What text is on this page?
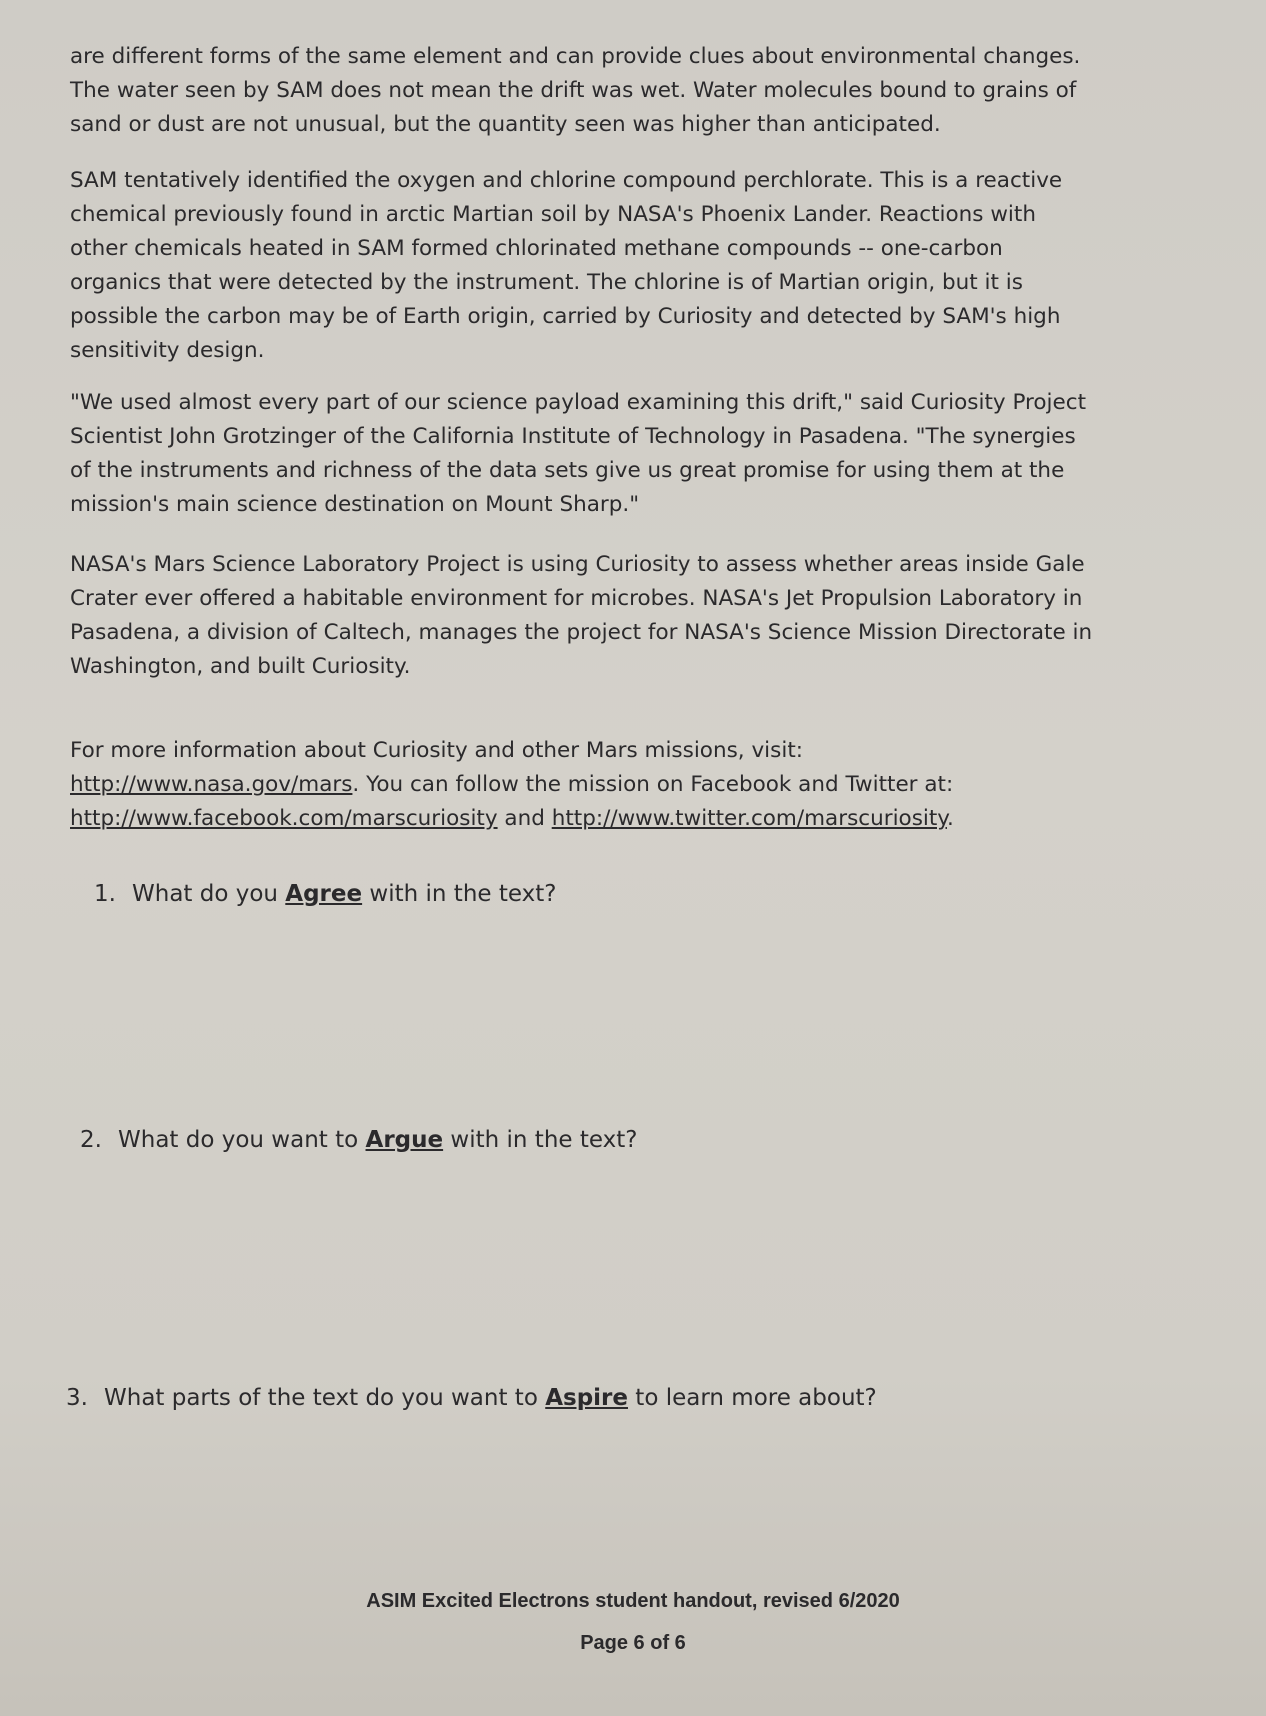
are different forms of the same element and can provide clues about environmental changes.
The water seen by SAM does not mean the drift was wet. Water molecules bound to grains of
sand or dust are not unusual, but the quantity seen was higher than anticipated.

SAM tentatively identified the oxygen and chlorine compound perchlorate. This is a reactive
chemical previously found in arctic Martian soil by NASA's Phoenix Lander. Reactions with
other chemicals heated in SAM formed chlorinated methane compounds -- one-carbon
organics that were detected by the instrument. The chlorine is of Martian origin, but it is
possible the carbon may be of Earth origin, carried by Curiosity and detected by SAM's high
sensitivity design.

"We used almost every part of our science payload examining this drift," said Curiosity Project
Scientist John Grotzinger of the California Institute of Technology in Pasadena. "The synergies
of the instruments and richness of the data sets give us great promise for using them at the
mission's main science destination on Mount Sharp."

NASA's Mars Science Laboratory Project is using Curiosity to assess whether areas inside Gale
Crater ever offered a habitable environment for microbes. NASA's Jet Propulsion Laboratory in
Pasadena, a division of Caltech, manages the project for NASA's Science Mission Directorate in
Washington, and built Curiosity.

For more information about Curiosity and other Mars missions, visit:
http://www.nasa.gov/mars. You can follow the mission on Facebook and Twitter at:
http://www.facebook.com/marscuriosity and http://www.twitter.com/marscuriosity.

1. What do you Agree with in the text?

2. What do you want to Argue with in the text?

3. What parts of the text do you want to Aspire to learn more about?

ASIM Excited Electrons student handout, revised 6/2020

Page 6 of 6
